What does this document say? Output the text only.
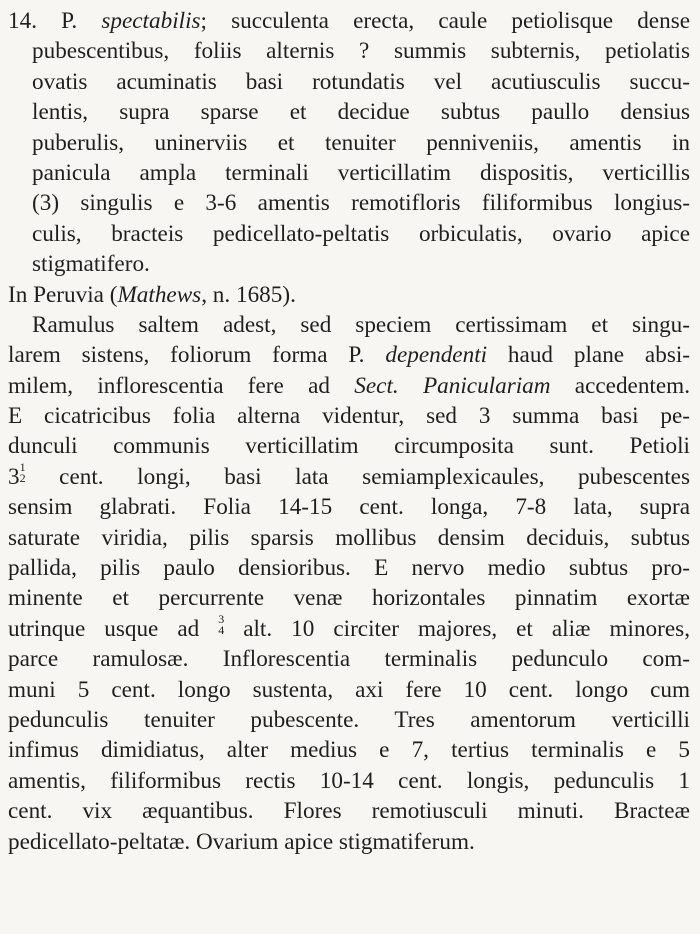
14. P. spectabilis; succulenta erecta, caule petiolisque dense
pubescentibus, foliis alternis ? summis subternis, petiolatis
ovatis acuminatis basi rotundatis vel acutiusculis succu-
lentis, supra sparse et decidue subtus paullo densius
puberulis, uninerviis et tenuiter penniveniis, amentis in
panicula ampla terminali verticillatim dispositis, verticillis
(3) singulis e 3-6 amentis remotifloris filiformibus longius-
culis, bracteis pedicellato-peltatis orbiculatis, ovario apice
stigmatifero.
In Peruvia (Mathews, n. 1685).
Ramulus saltem adest, sed speciem certissimam et singu-
larem sistens, foliorum forma P. dependenti haud plane absi-
milem, inflorescentia fere ad Sect. Paniculariam accedentem.
E cicatricibus folia alterna videntur, sed 3 summa basi pe-
dunculi communis verticillatim circumposita sunt. Petioli
3 1
2 cent. longi, basi lata semiamplexicaules, pubescentes
sensim glabrati. Folia 14-15 cent. longa, 7-8 lata, supra
saturate viridia, pilis sparsis mollibus densim deciduis, subtus
pallida, pilis paulo densioribus. E nervo medio subtus pro-
minente et percurrente venæ horizontales pinnatim exortæ
utrinque usque ad 3
4 alt. 10 circiter majores, et aliæ minores,
parce ramulosæ. Inflorescentia terminalis pedunculo com-
muni 5 cent. longo sustenta, axi fere 10 cent. longo cum
pedunculis tenuiter pubescente. Tres amentorum verticilli
infimus dimidiatus, alter medius e 7, tertius terminalis e 5
amentis, filiformibus rectis 10-14 cent. longis, pedunculis 1
cent. vix æquantibus. Flores remotiusculi minuti. Bracteæ
pedicellato-peltatæ. Ovarium apice stigmatiferum.
